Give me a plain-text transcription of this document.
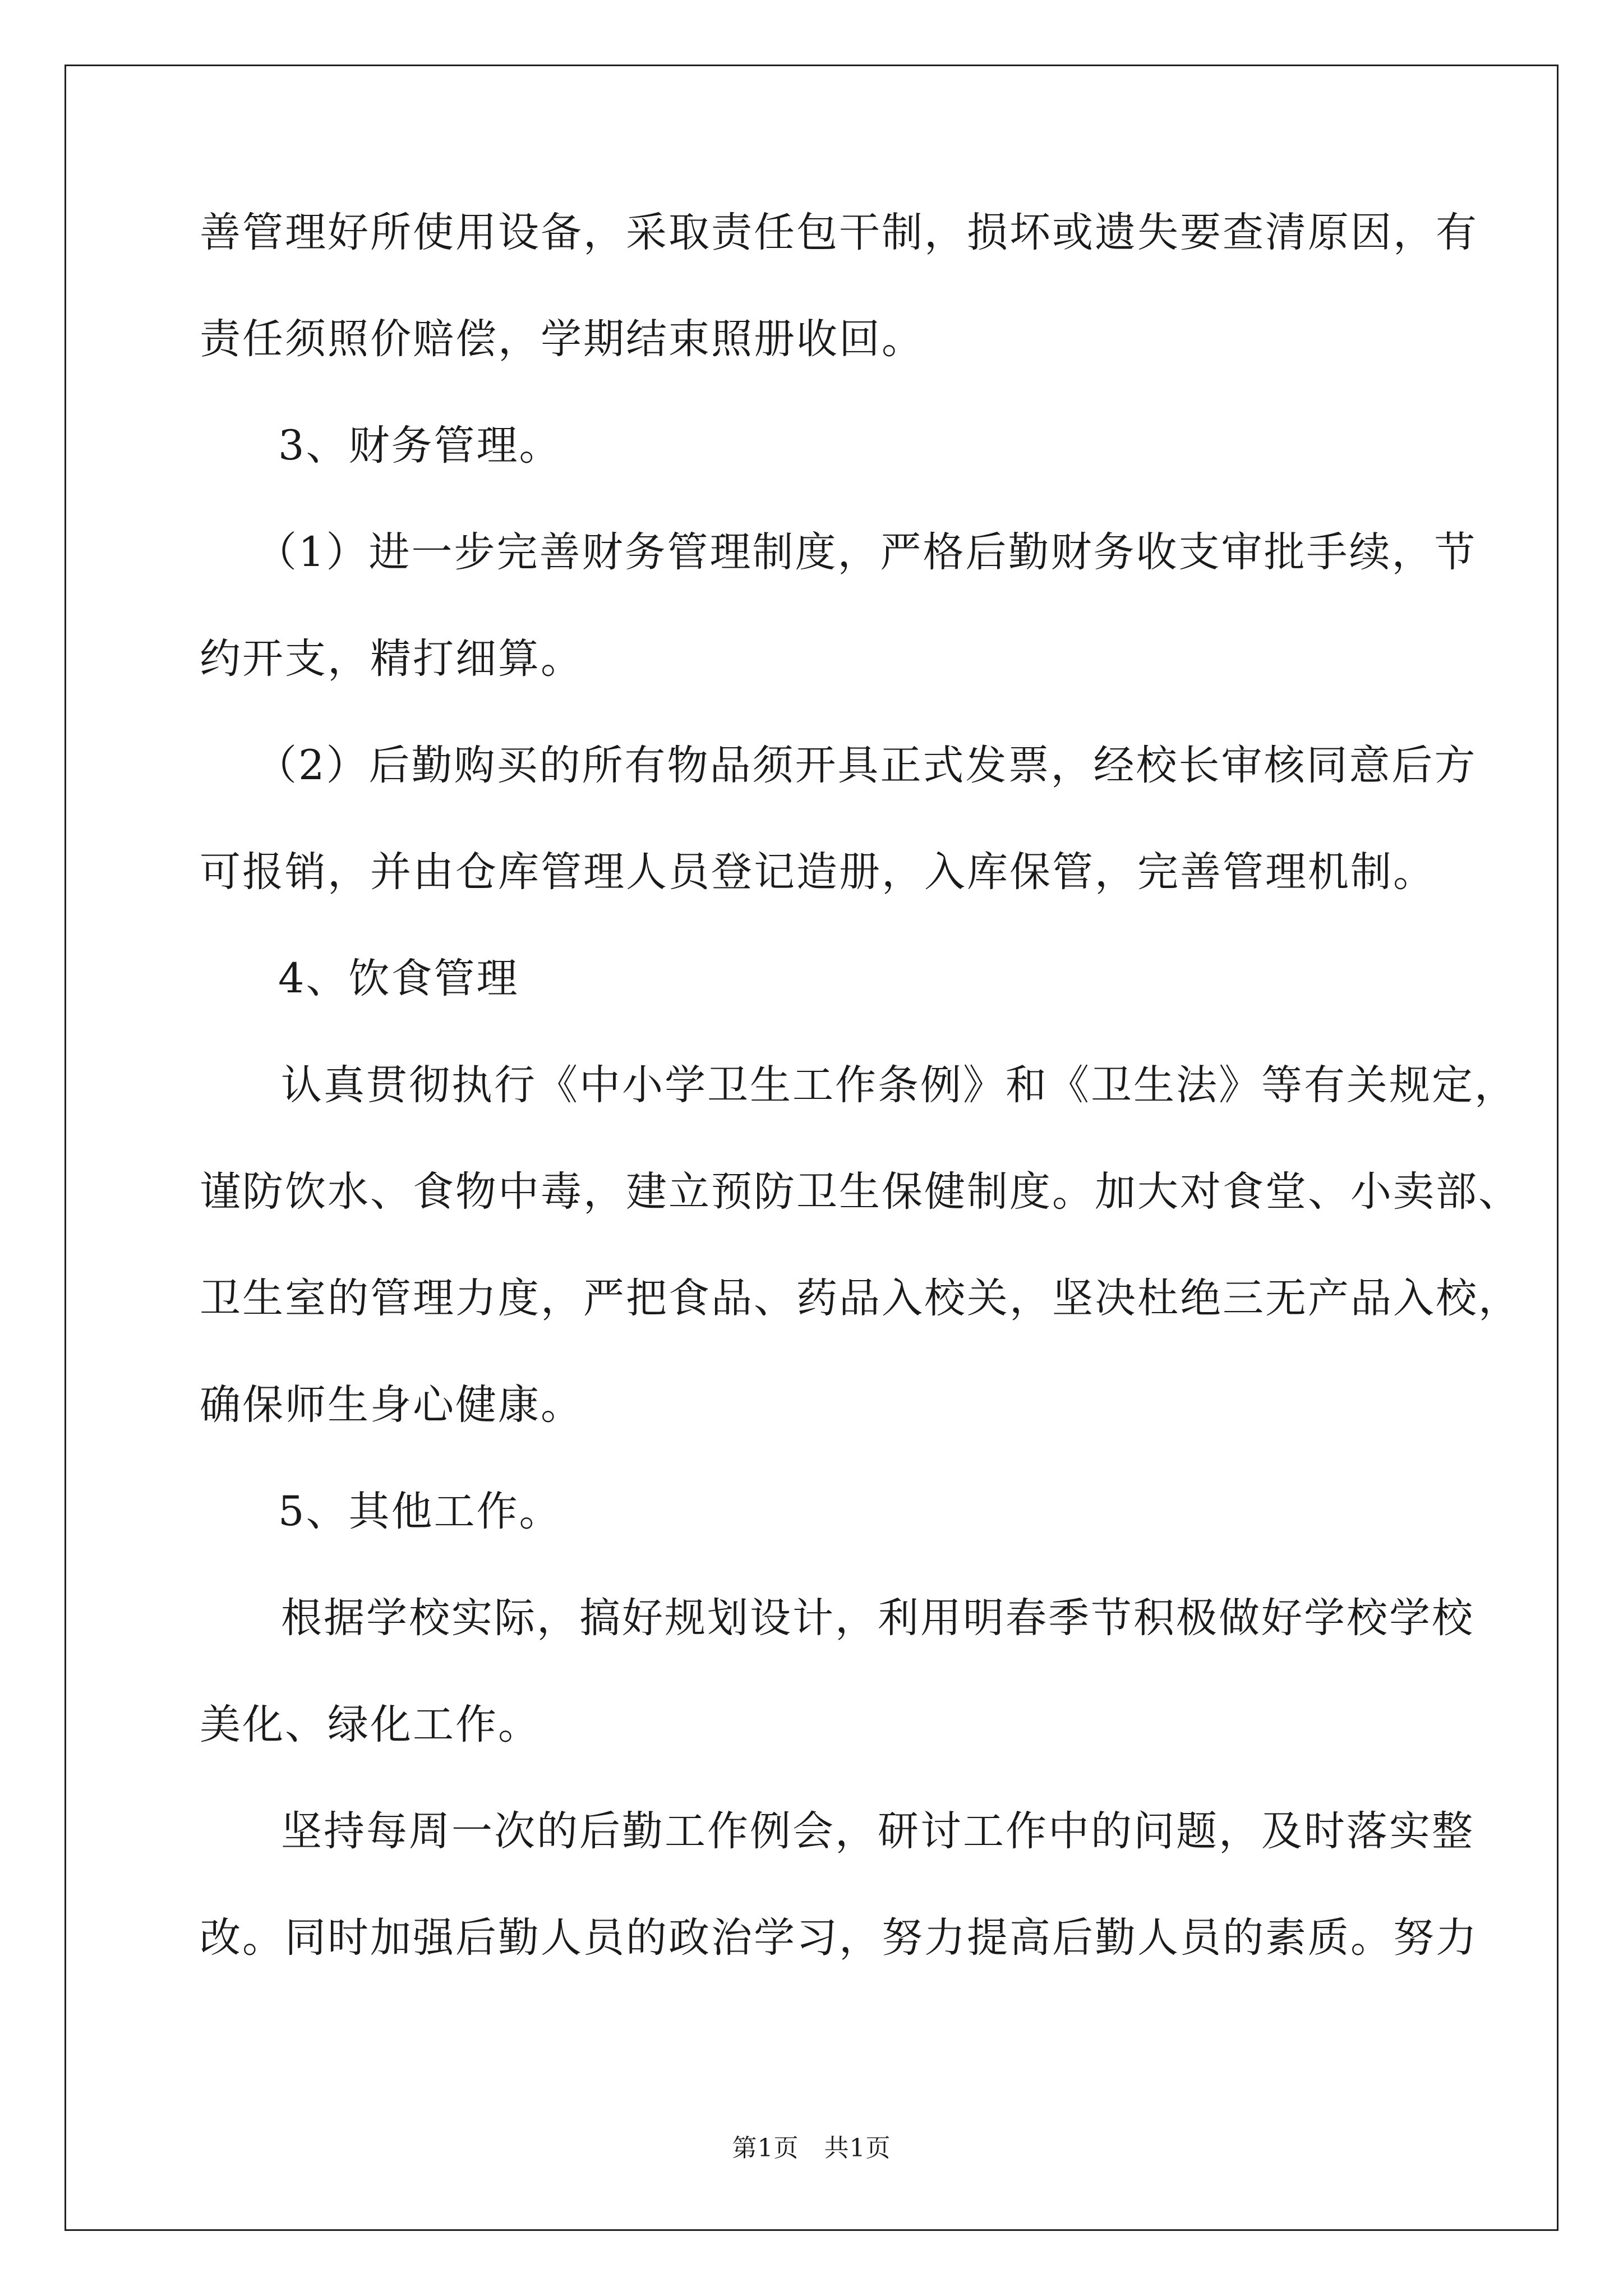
善管理好所使用设备，采取责任包干制，损坏或遗失要查清原因，有
责任须照价赔偿，学期结束照册收回。
3、财务管理。
（1）进一步完善财务管理制度，严格后勤财务收支审批手续，节
约开支，精打细算。
（2）后勤购买的所有物品须开具正式发票，经校长审核同意后方
可报销，并由仓库管理人员登记造册，入库保管，完善管理机制。
4、饮食管理
认真贯彻执行《中小学卫生工作条例》和《卫生法》等有关规定，
谨防饮水、食物中毒，建立预防卫生保健制度。加大对食堂、小卖部、
卫生室的管理力度，严把食品、药品入校关，坚决杜绝三无产品入校，
确保师生身心健康。
5、其他工作。
根据学校实际，搞好规划设计，利用明春季节积极做好学校学校
美化、绿化工作。
坚持每周一次的后勤工作例会，研讨工作中的问题，及时落实整
改。同时加强后勤人员的政治学习，努力提高后勤人员的素质。努力
第1页 共1页
